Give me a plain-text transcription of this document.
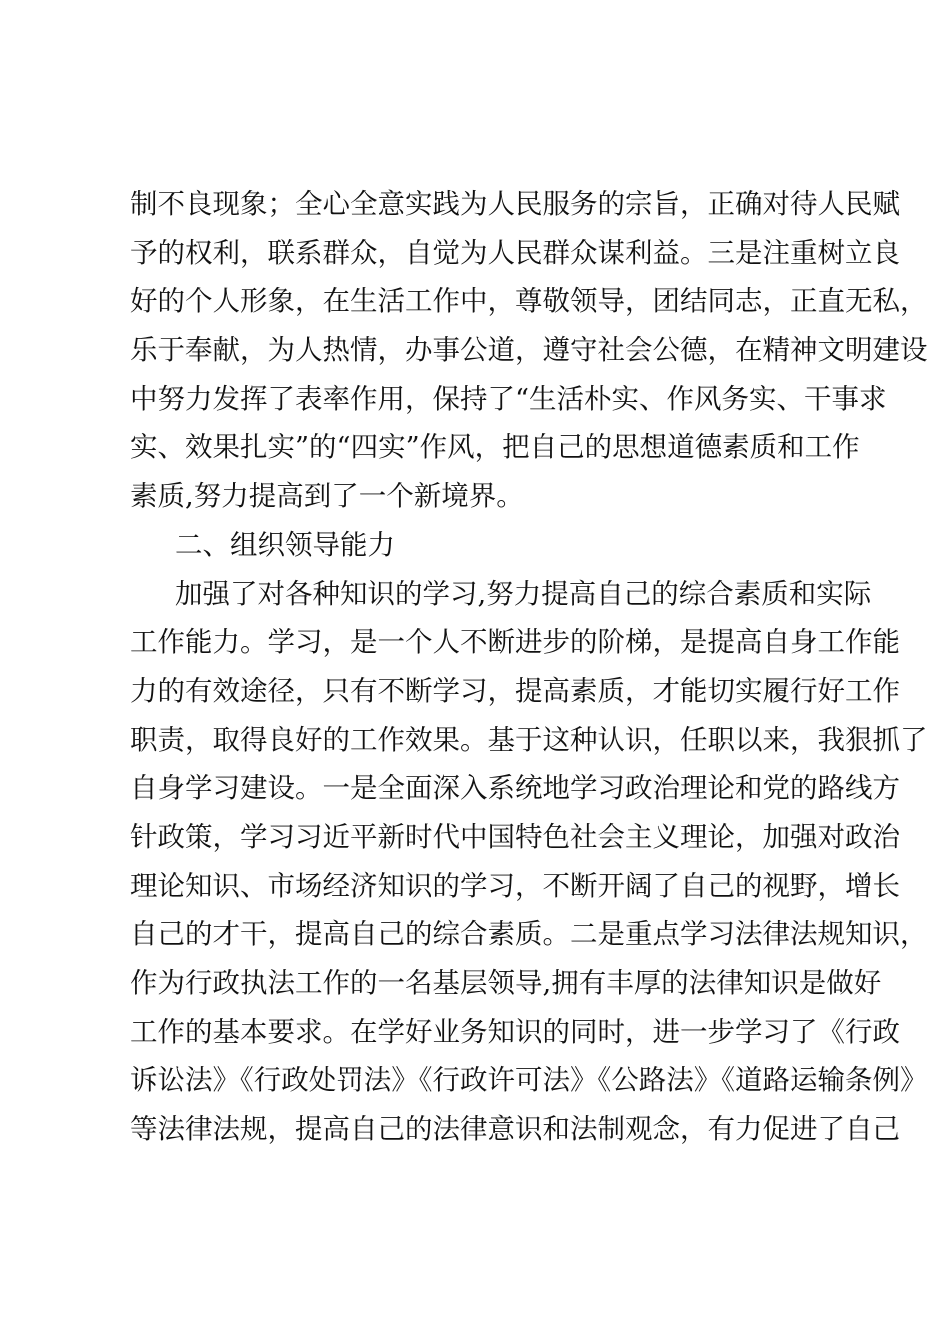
制不良现象；全心全意实践为人民服务的宗旨，正确对待人民赋
予的权利，联系群众，自觉为人民群众谋利益。三是注重树立良
好的个人形象，在生活工作中，尊敬领导，团结同志，正直无私，
乐于奉献，为人热情，办事公道，遵守社会公德，在精神文明建设
中努力发挥了表率作用，保持了“生活朴实、作风务实、干事求
实、效果扎实”的“四实”作风，把自己的思想道德素质和工作
素质,努力提高到了一个新境界。
二、组织领导能力
加强了对各种知识的学习,努力提高自己的综合素质和实际
工作能力。学习，是一个人不断进步的阶梯，是提高自身工作能
力的有效途径，只有不断学习，提高素质，才能切实履行好工作
职责，取得良好的工作效果。基于这种认识，任职以来，我狠抓了
自身学习建设。一是全面深入系统地学习政治理论和党的路线方
针政策，学习习近平新时代中国特色社会主义理论，加强对政治
理论知识、市场经济知识的学习，不断开阔了自己的视野，增长
自己的才干，提高自己的综合素质。二是重点学习法律法规知识，
作为行政执法工作的一名基层领导,拥有丰厚的法律知识是做好
工作的基本要求。在学好业务知识的同时，进一步学习了《行政
诉讼法》《行政处罚法》《行政许可法》《公路法》《道路运输条例》
等法律法规，提高自己的法律意识和法制观念，有力促进了自己
